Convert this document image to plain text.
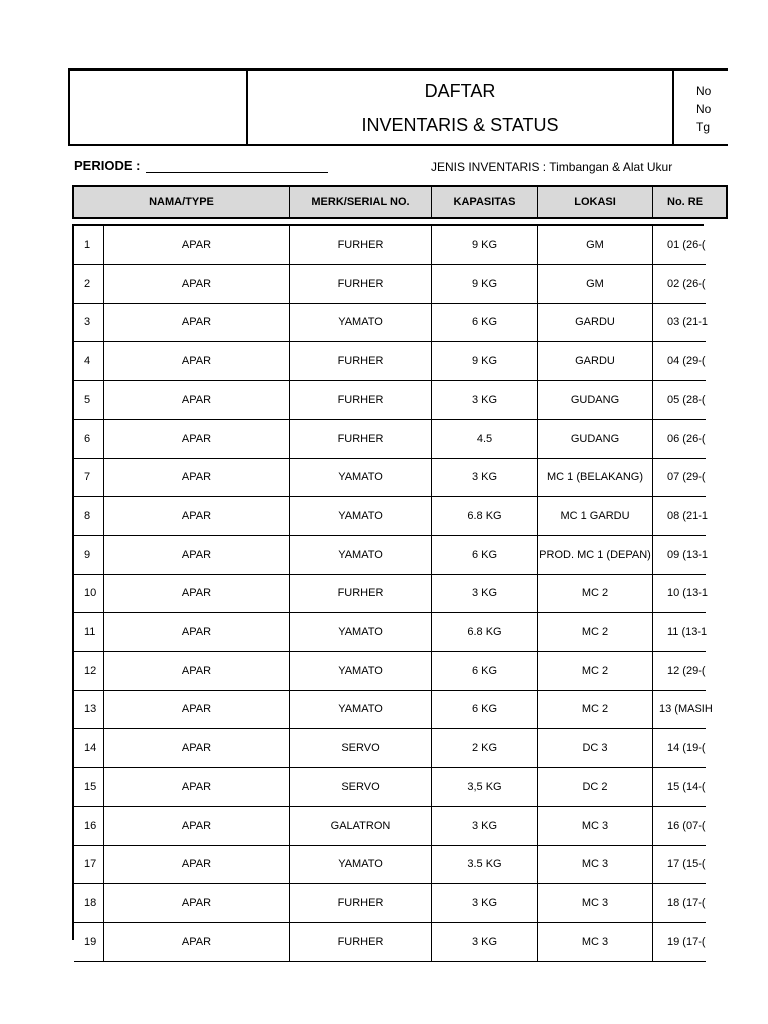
DAFTAR
INVENTARIS & STATUS
No
No
Tg
PERIODE :	JENIS INVENTARIS : Timbangan & Alat Ukur
NAMA/TYPE	MERK/SERIAL NO.	KAPASITAS	LOKASI	No. RE
1	APAR	FURHER	9 KG	GM	01 (26-(
2	APAR	FURHER	9 KG	GM	02 (26-(
3	APAR	YAMATO	6 KG	GARDU	03 (21-1
4	APAR	FURHER	9 KG	GARDU	04 (29-(
5	APAR	FURHER	3 KG	GUDANG	05 (28-(
6	APAR	FURHER	4.5	GUDANG	06 (26-(
7	APAR	YAMATO	3 KG	MC 1 (BELAKANG)	07 (29-(
8	APAR	YAMATO	6.8 KG	MC 1 GARDU	08 (21-1
9	APAR	YAMATO	6 KG	PROD. MC 1 (DEPAN)	09 (13-1
10	APAR	FURHER	3 KG	MC 2	10 (13-1
11	APAR	YAMATO	6.8 KG	MC 2	11 (13-1
12	APAR	YAMATO	6 KG	MC 2	12 (29-(
13	APAR	YAMATO	6 KG	MC 2	13 (MASIH
14	APAR	SERVO	2 KG	DC 3	14 (19-(
15	APAR	SERVO	3,5 KG	DC 2	15 (14-(
16	APAR	GALATRON	3 KG	MC 3	16 (07-(
17	APAR	YAMATO	3.5 KG	MC 3	17 (15-(
18	APAR	FURHER	3 KG	MC 3	18 (17-(
19	APAR	FURHER	3 KG	MC 3	19 (17-(
